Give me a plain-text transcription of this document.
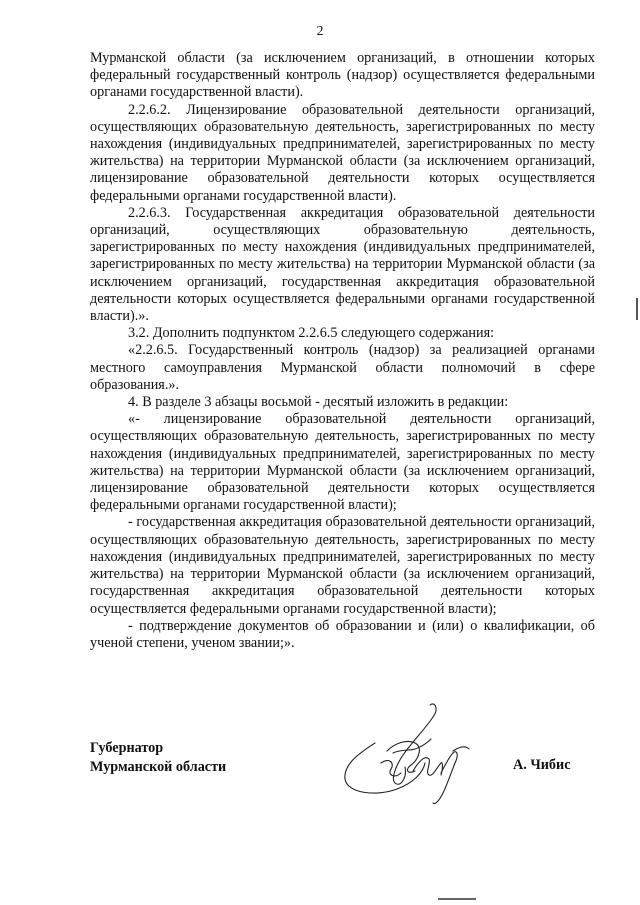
2

Мурманской области (за исключением организаций, в отношении которых федеральный государственный контроль (надзор) осуществляется федеральными органами государственной власти).

2.2.6.2. Лицензирование образовательной деятельности организаций, осуществляющих образовательную деятельность, зарегистрированных по месту нахождения (индивидуальных предпринимателей, зарегистрированных по месту жительства) на территории Мурманской области (за исключением организаций, лицензирование образовательной деятельности которых осуществляется федеральными органами государственной власти).

2.2.6.3. Государственная аккредитация образовательной деятельности организаций, осуществляющих образовательную деятельность, зарегистрированных по месту нахождения (индивидуальных предпринимателей, зарегистрированных по месту жительства) на территории Мурманской области (за исключением организаций, государственная аккредитация образовательной деятельности которых осуществляется федеральными органами государственной власти).».

3.2. Дополнить подпунктом 2.2.6.5 следующего содержания:

«2.2.6.5. Государственный контроль (надзор) за реализацией органами местного самоуправления Мурманской области полномочий в сфере образования.».

4. В разделе 3 абзацы восьмой - десятый изложить в редакции:

«- лицензирование образовательной деятельности организаций, осуществляющих образовательную деятельность, зарегистрированных по месту нахождения (индивидуальных предпринимателей, зарегистрированных по месту жительства) на территории Мурманской области (за исключением организаций, лицензирование образовательной деятельности которых осуществляется федеральными органами государственной власти);

- государственная аккредитация образовательной деятельности организаций, осуществляющих образовательную деятельность, зарегистрированных по месту нахождения (индивидуальных предпринимателей, зарегистрированных по месту жительства) на территории Мурманской области (за исключением организаций, государственная аккредитация образовательной деятельности которых осуществляется федеральными органами государственной власти);

- подтверждение документов об образовании и (или) о квалификации, об ученой степени, ученом звании;».

Губернатор
Мурманской области	А. Чибис
